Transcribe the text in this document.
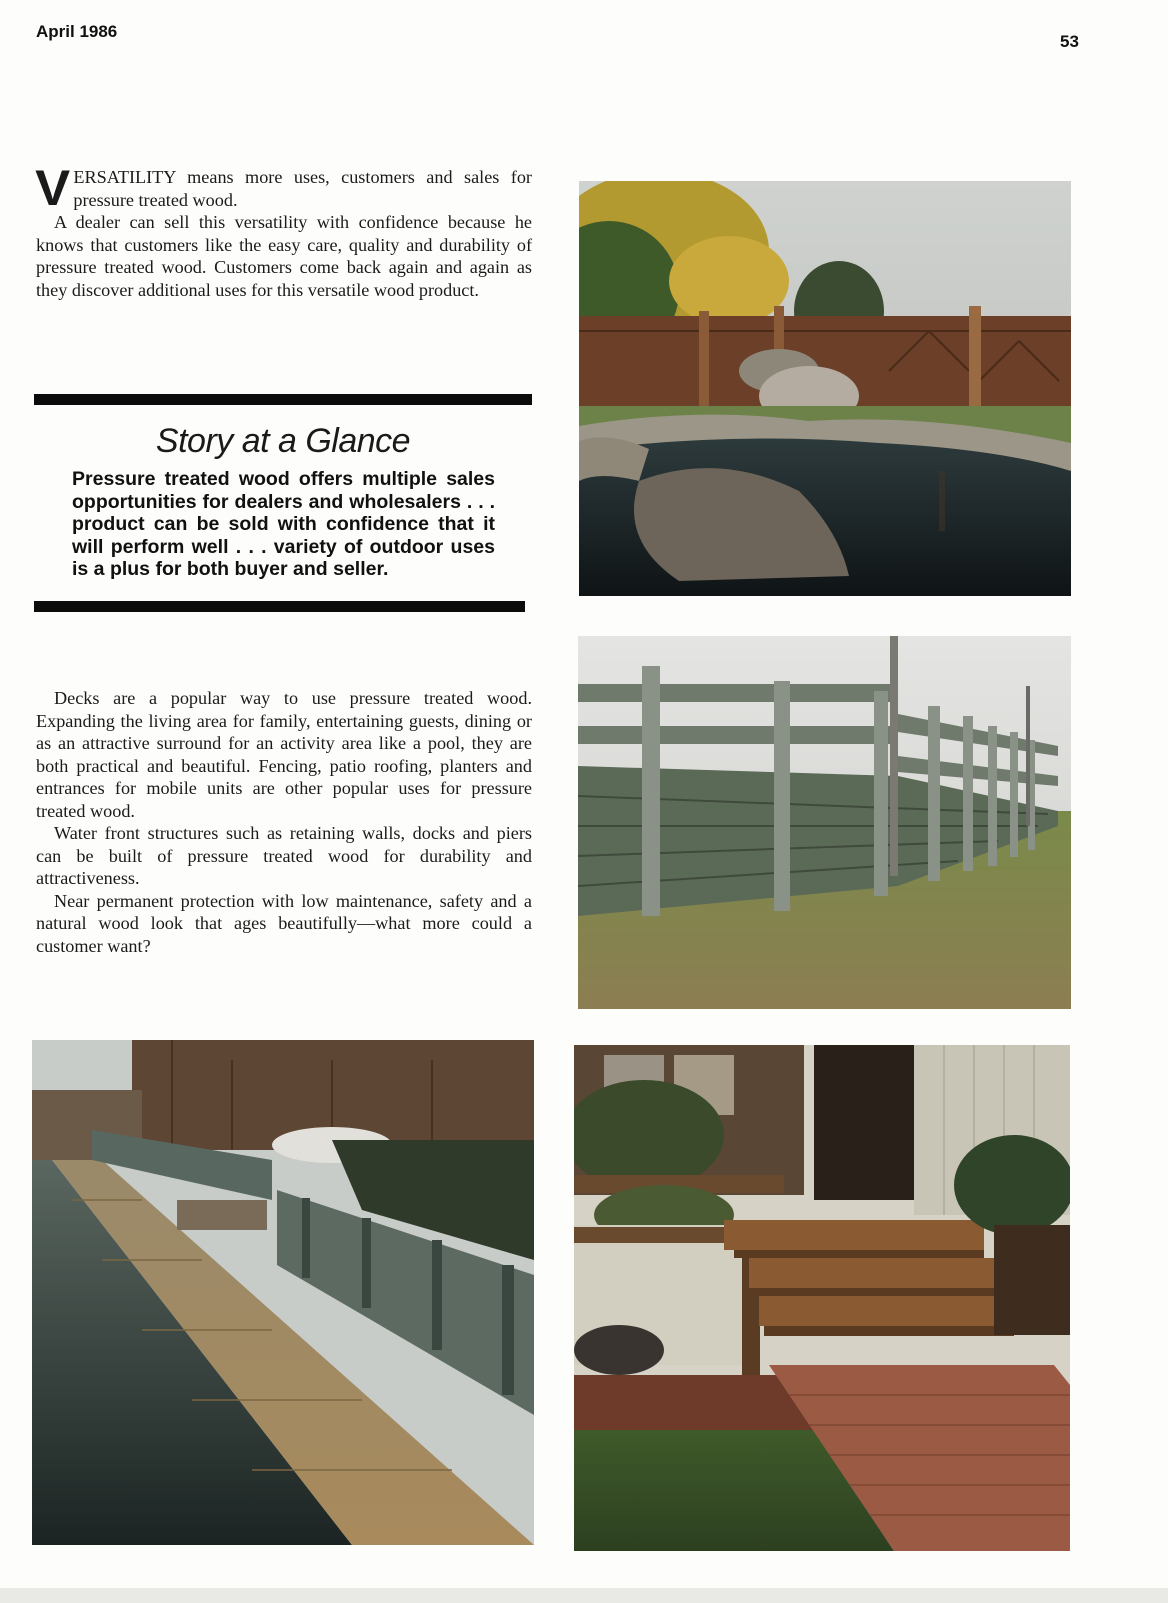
April 1986
53

VERSATILITY means more uses, customers and sales for pressure treated wood.

A dealer can sell this versatility with confidence because he knows that customers like the easy care, quality and durability of pressure treated wood. Customers come back again and again as they discover additional uses for this versatile wood product.

Story at a Glance
Pressure treated wood offers multiple sales opportunities for dealers and wholesalers . . . product can be sold with confidence that it will perform well . . . variety of outdoor uses is a plus for both buyer and seller.

Decks are a popular way to use pressure treated wood. Expanding the living area for family, entertaining guests, dining or as an attractive surround for an activity area like a pool, they are both practical and beautiful. Fencing, patio roofing, planters and entrances for mobile units are other popular uses for pressure treated wood.

Water front structures such as retaining walls, docks and piers can be built of pressure treated wood for durability and attractiveness.

Near permanent protection with low maintenance, safety and a natural wood look that ages beautifully—what more could a customer want?
